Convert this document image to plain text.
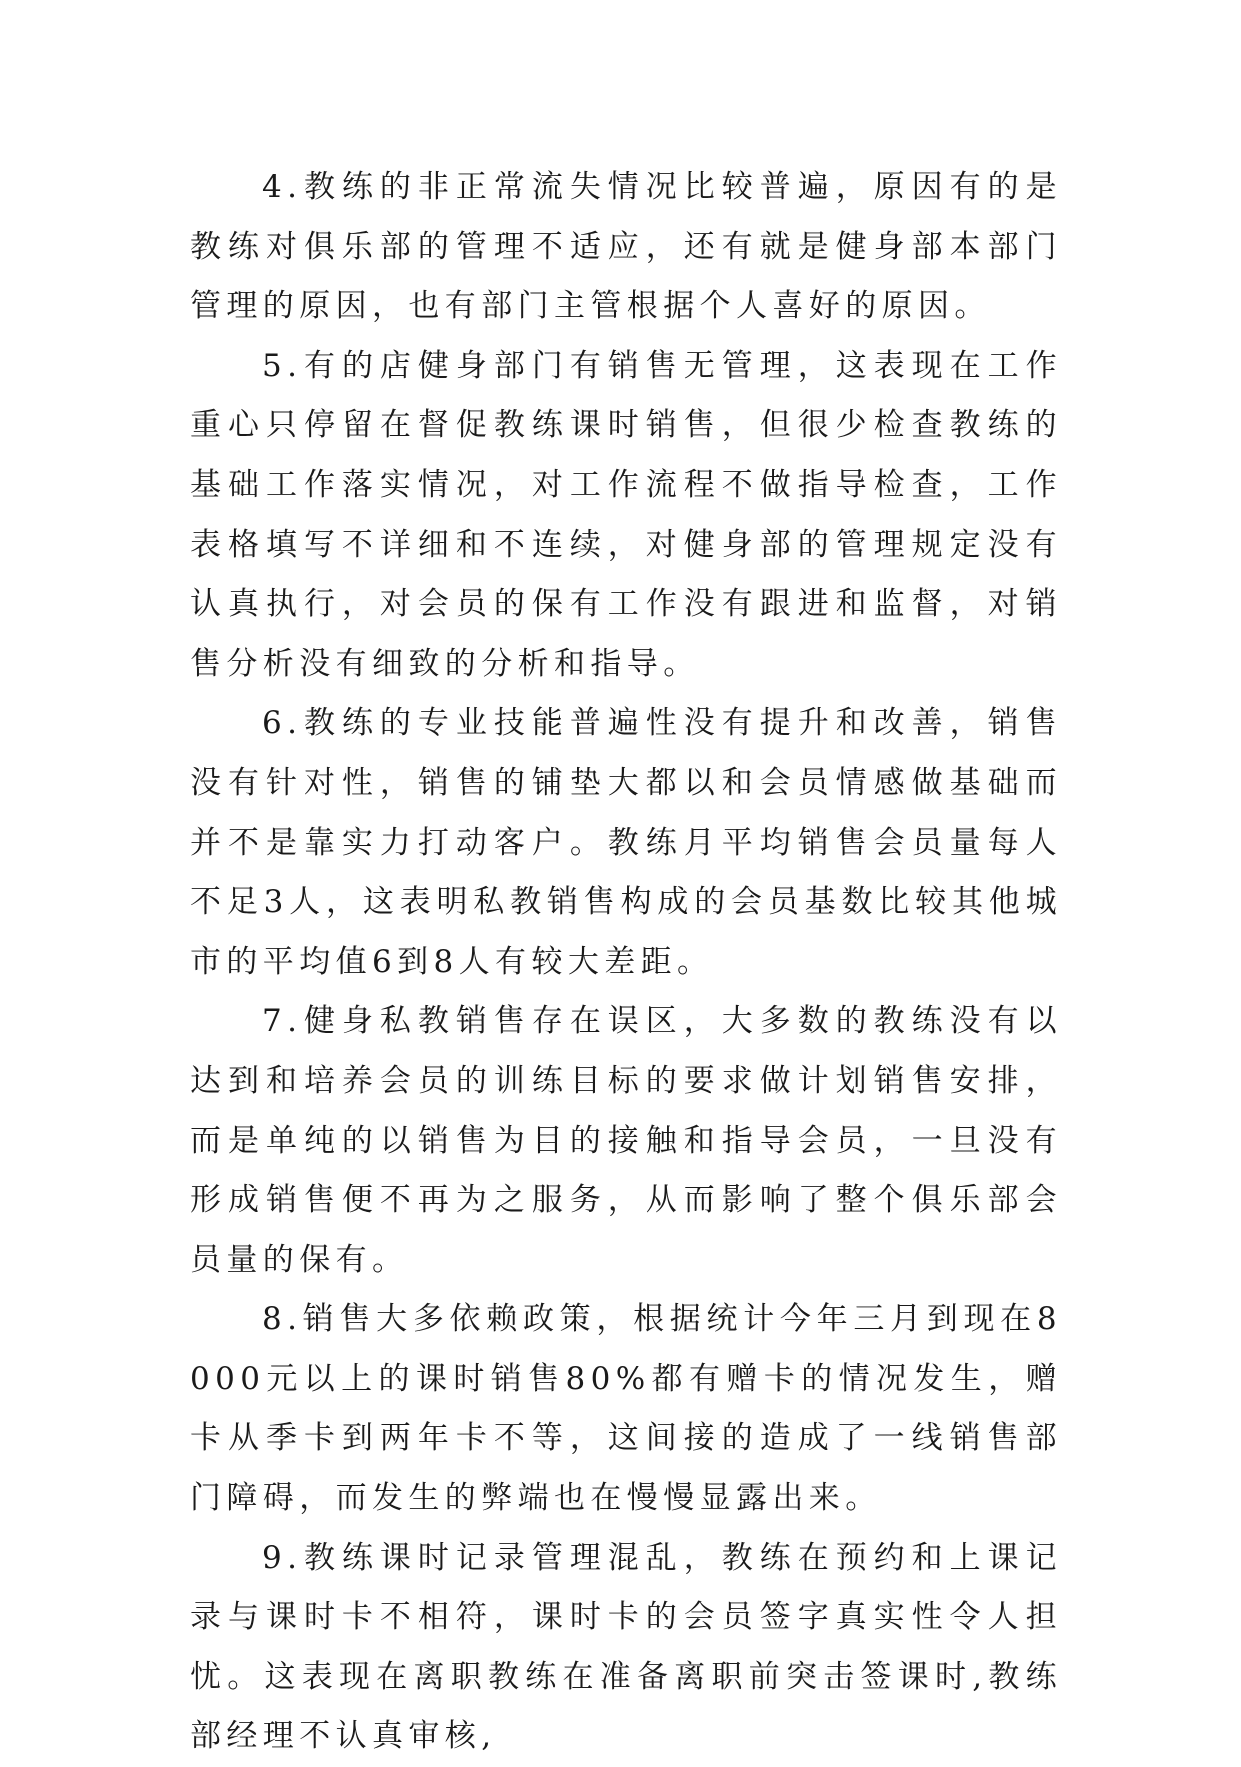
4.教练的非正常流失情况比较普遍，原因有的是教练对俱乐部的管理不适应，还有就是健身部本部门管理的原因，也有部门主管根据个人喜好的原因。

5.有的店健身部门有销售无管理，这表现在工作重心只停留在督促教练课时销售，但很少检查教练的基础工作落实情况，对工作流程不做指导检查，工作表格填写不详细和不连续，对健身部的管理规定没有认真执行，对会员的保有工作没有跟进和监督，对销售分析没有细致的分析和指导。

6.教练的专业技能普遍性没有提升和改善，销售没有针对性，销售的铺垫大都以和会员情感做基础而并不是靠实力打动客户。教练月平均销售会员量每人不足3人，这表明私教销售构成的会员基数比较其他城市的平均值6到8人有较大差距。

7.健身私教销售存在误区，大多数的教练没有以达到和培养会员的训练目标的要求做计划销售安排，而是单纯的以销售为目的接触和指导会员，一旦没有形成销售便不再为之服务，从而影响了整个俱乐部会员量的保有。

8.销售大多依赖政策，根据统计今年三月到现在8000元以上的课时销售80%都有赠卡的情况发生，赠卡从季卡到两年卡不等，这间接的造成了一线销售部门障碍，而发生的弊端也在慢慢显露出来。

9.教练课时记录管理混乱，教练在预约和上课记录与课时卡不相符，课时卡的会员签字真实性令人担忧。这表现在离职教练在准备离职前突击签课时,教练部经理不认真审核,
